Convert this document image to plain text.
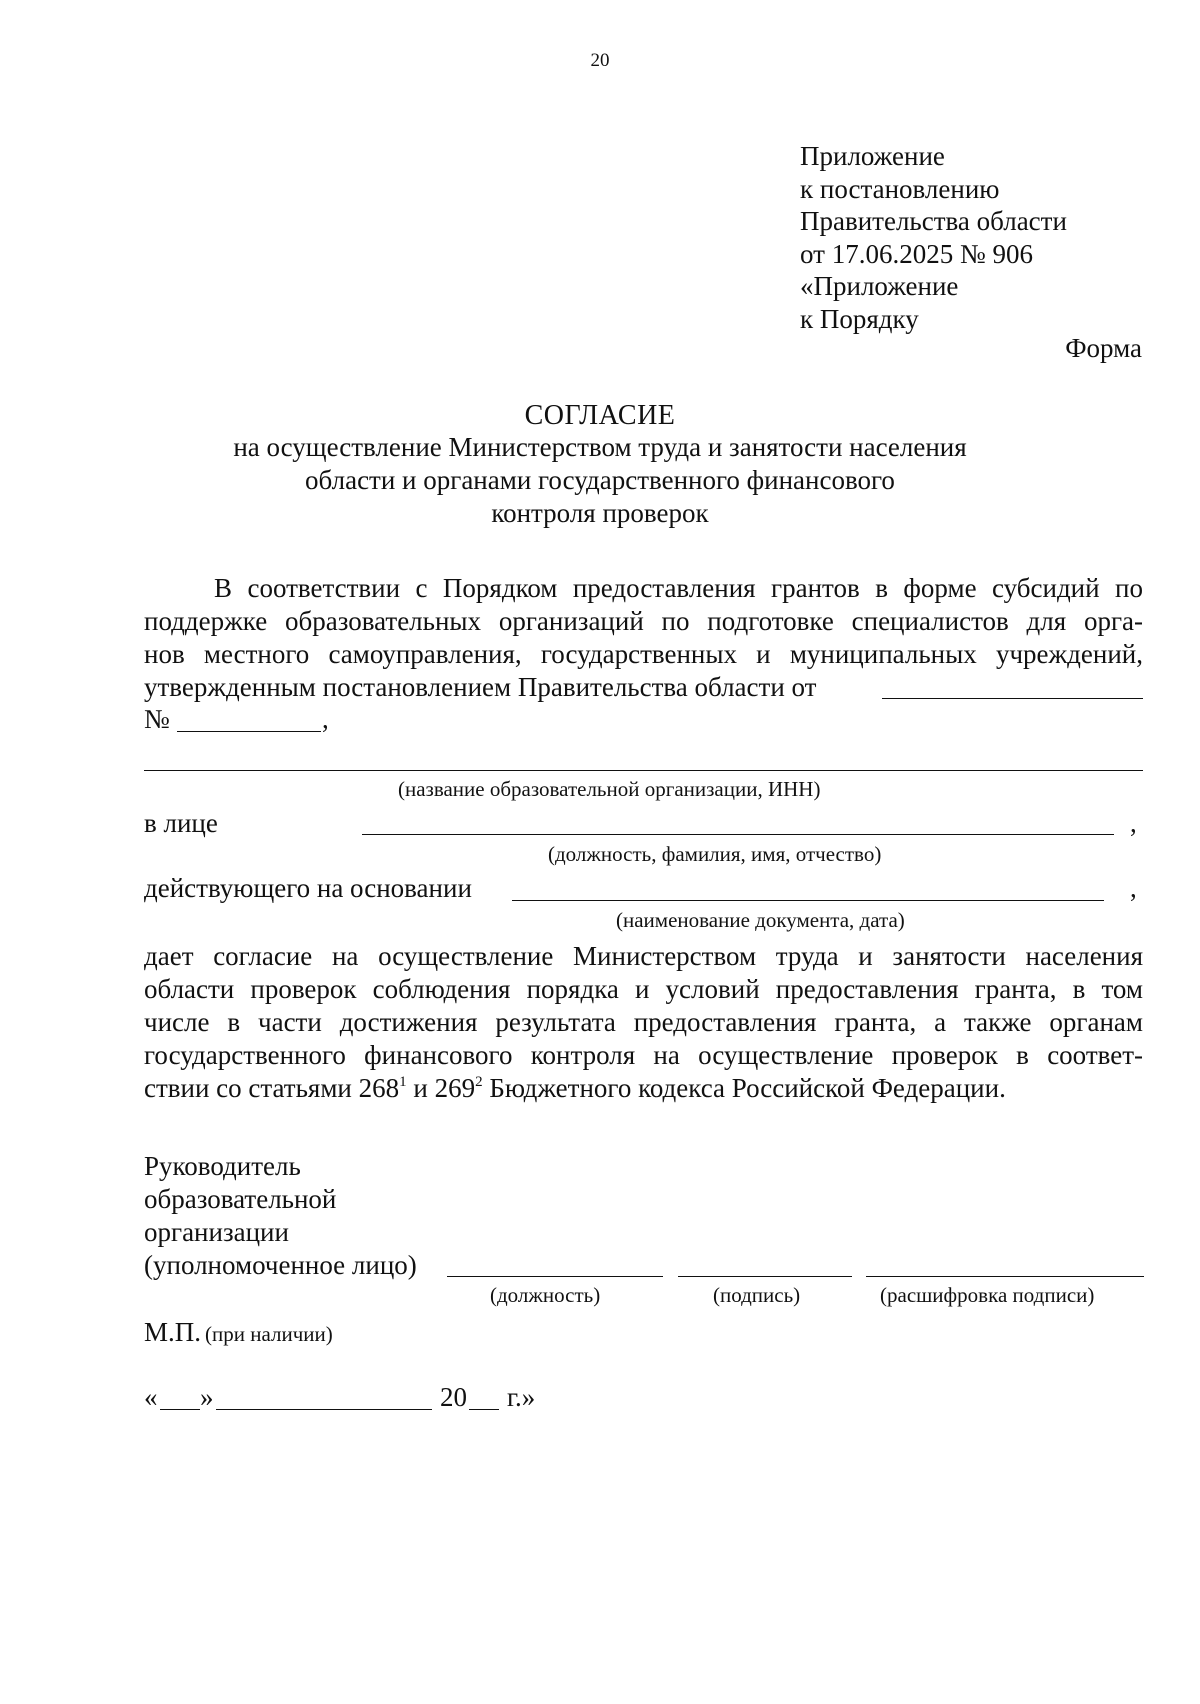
20
Приложение
к постановлению
Правительства области
от 17.06.2025 № 906
«Приложение
к Порядку
Форма
СОГЛАСИЕ
на осуществление Министерством труда и занятости населения
области и органами государственного финансового
контроля проверок
В соответствии с Порядком предоставления грантов в форме субсидий по
поддержке образовательных организаций по подготовке специалистов для орга-
нов местного самоуправления, государственных и муниципальных учреждений,
утвержденным постановлением Правительства области от
№	,
(название образовательной организации, ИНН)
в лице	,
(должность, фамилия, имя, отчество)
действующего на основании	,
(наименование документа, дата)
дает согласие на осуществление Министерством труда и занятости населения
области проверок соблюдения порядка и условий предоставления гранта, в том
числе в части достижения результата предоставления гранта, а также органам
государственного финансового контроля на осуществление проверок в соответ-
ствии со статьями $268^1$ и $269^2$ Бюджетного кодекса Российской Федерации.
Руководитель
образовательной
организации
(уполномоченное лицо)
(должность)	(подпись)	(расшифровка подписи)
М.П. (при наличии)
« »	20 г.»
